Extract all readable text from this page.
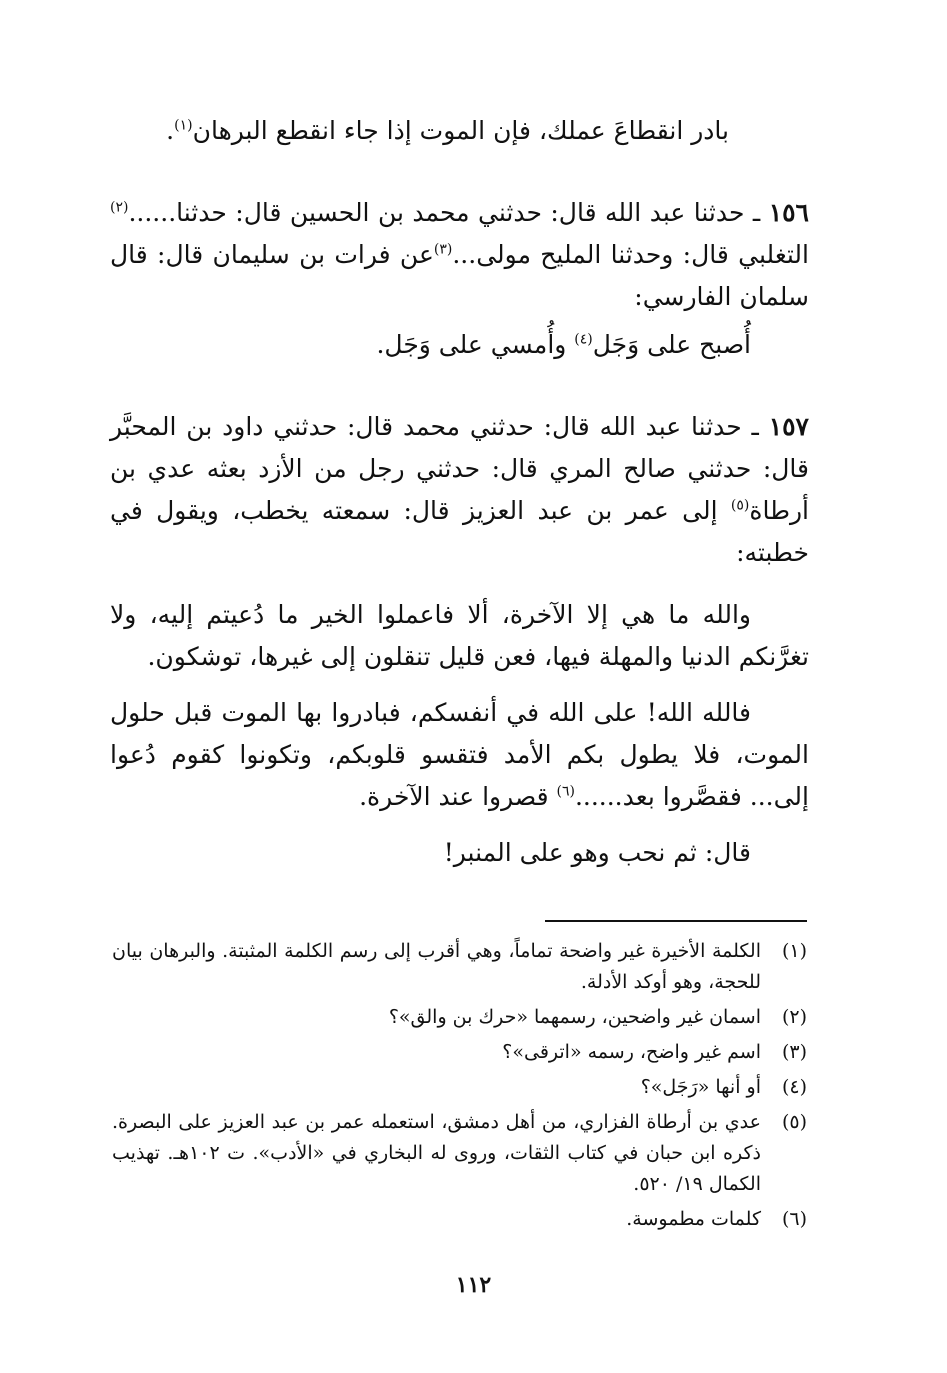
بادر انقطاعَ عملك، فإن الموت إذا جاء انقطع البرهان$^{(١)}$.

١٥٦ ـ حدثنا عبد الله قال: حدثني محمد بن الحسين قال: حدثنا......$^{(٢)}$ التغلبي قال: وحدثنا المليح مولى...$^{(٣)}$عن فرات بن سليمان قال: قال سلمان الفارسي:

أُصبح على وَجَل$^{(٤)}$ وأُمسي على وَجَل.

١٥٧ ـ حدثنا عبد الله قال: حدثني محمد قال: حدثني داود بن المحبَّر قال: حدثني صالح المري قال: حدثني رجل من الأزد بعثه عدي بن أرطاة$^{(٥)}$ إلى عمر بن عبد العزيز قال: سمعته يخطب، ويقول في خطبته:

والله ما هي إلا الآخرة، ألا فاعملوا الخير ما دُعيتم إليه، ولا تغرَّنكم الدنيا والمهلة فيها، فعن قليل تنقلون إلى غيرها، توشكون.

فالله الله! على الله في أنفسكم، فبادروا بها الموت قبل حلول الموت، فلا يطول بكم الأمد فتقسو قلوبكم، وتكونوا كقوم دُعوا إلى... فقصَّروا بعد......$^{(٦)}$ قصروا عند الآخرة.

قال: ثم نحب وهو على المنبر!

(١)
الكلمة الأخيرة غير واضحة تماماً، وهي أقرب إلى رسم الكلمة المثبتة. والبرهان بيان للحجة، وهو أوكد الأدلة.
(٢)
اسمان غير واضحين، رسمهما «حرك بن والق»؟
(٣)
اسم غير واضح، رسمه «اترقى»؟
(٤)
أو أنها «رَجَل»؟
(٥)
عدي بن أرطاة الفزاري، من أهل دمشق، استعمله عمر بن عبد العزيز على البصرة. ذكره ابن حبان في كتاب الثقات، وروى له البخاري في «الأدب». ت ١٠٢هـ. تهذيب الكمال ١٩/ ٥٢٠.
(٦)
كلمات مطموسة.
١١٢
